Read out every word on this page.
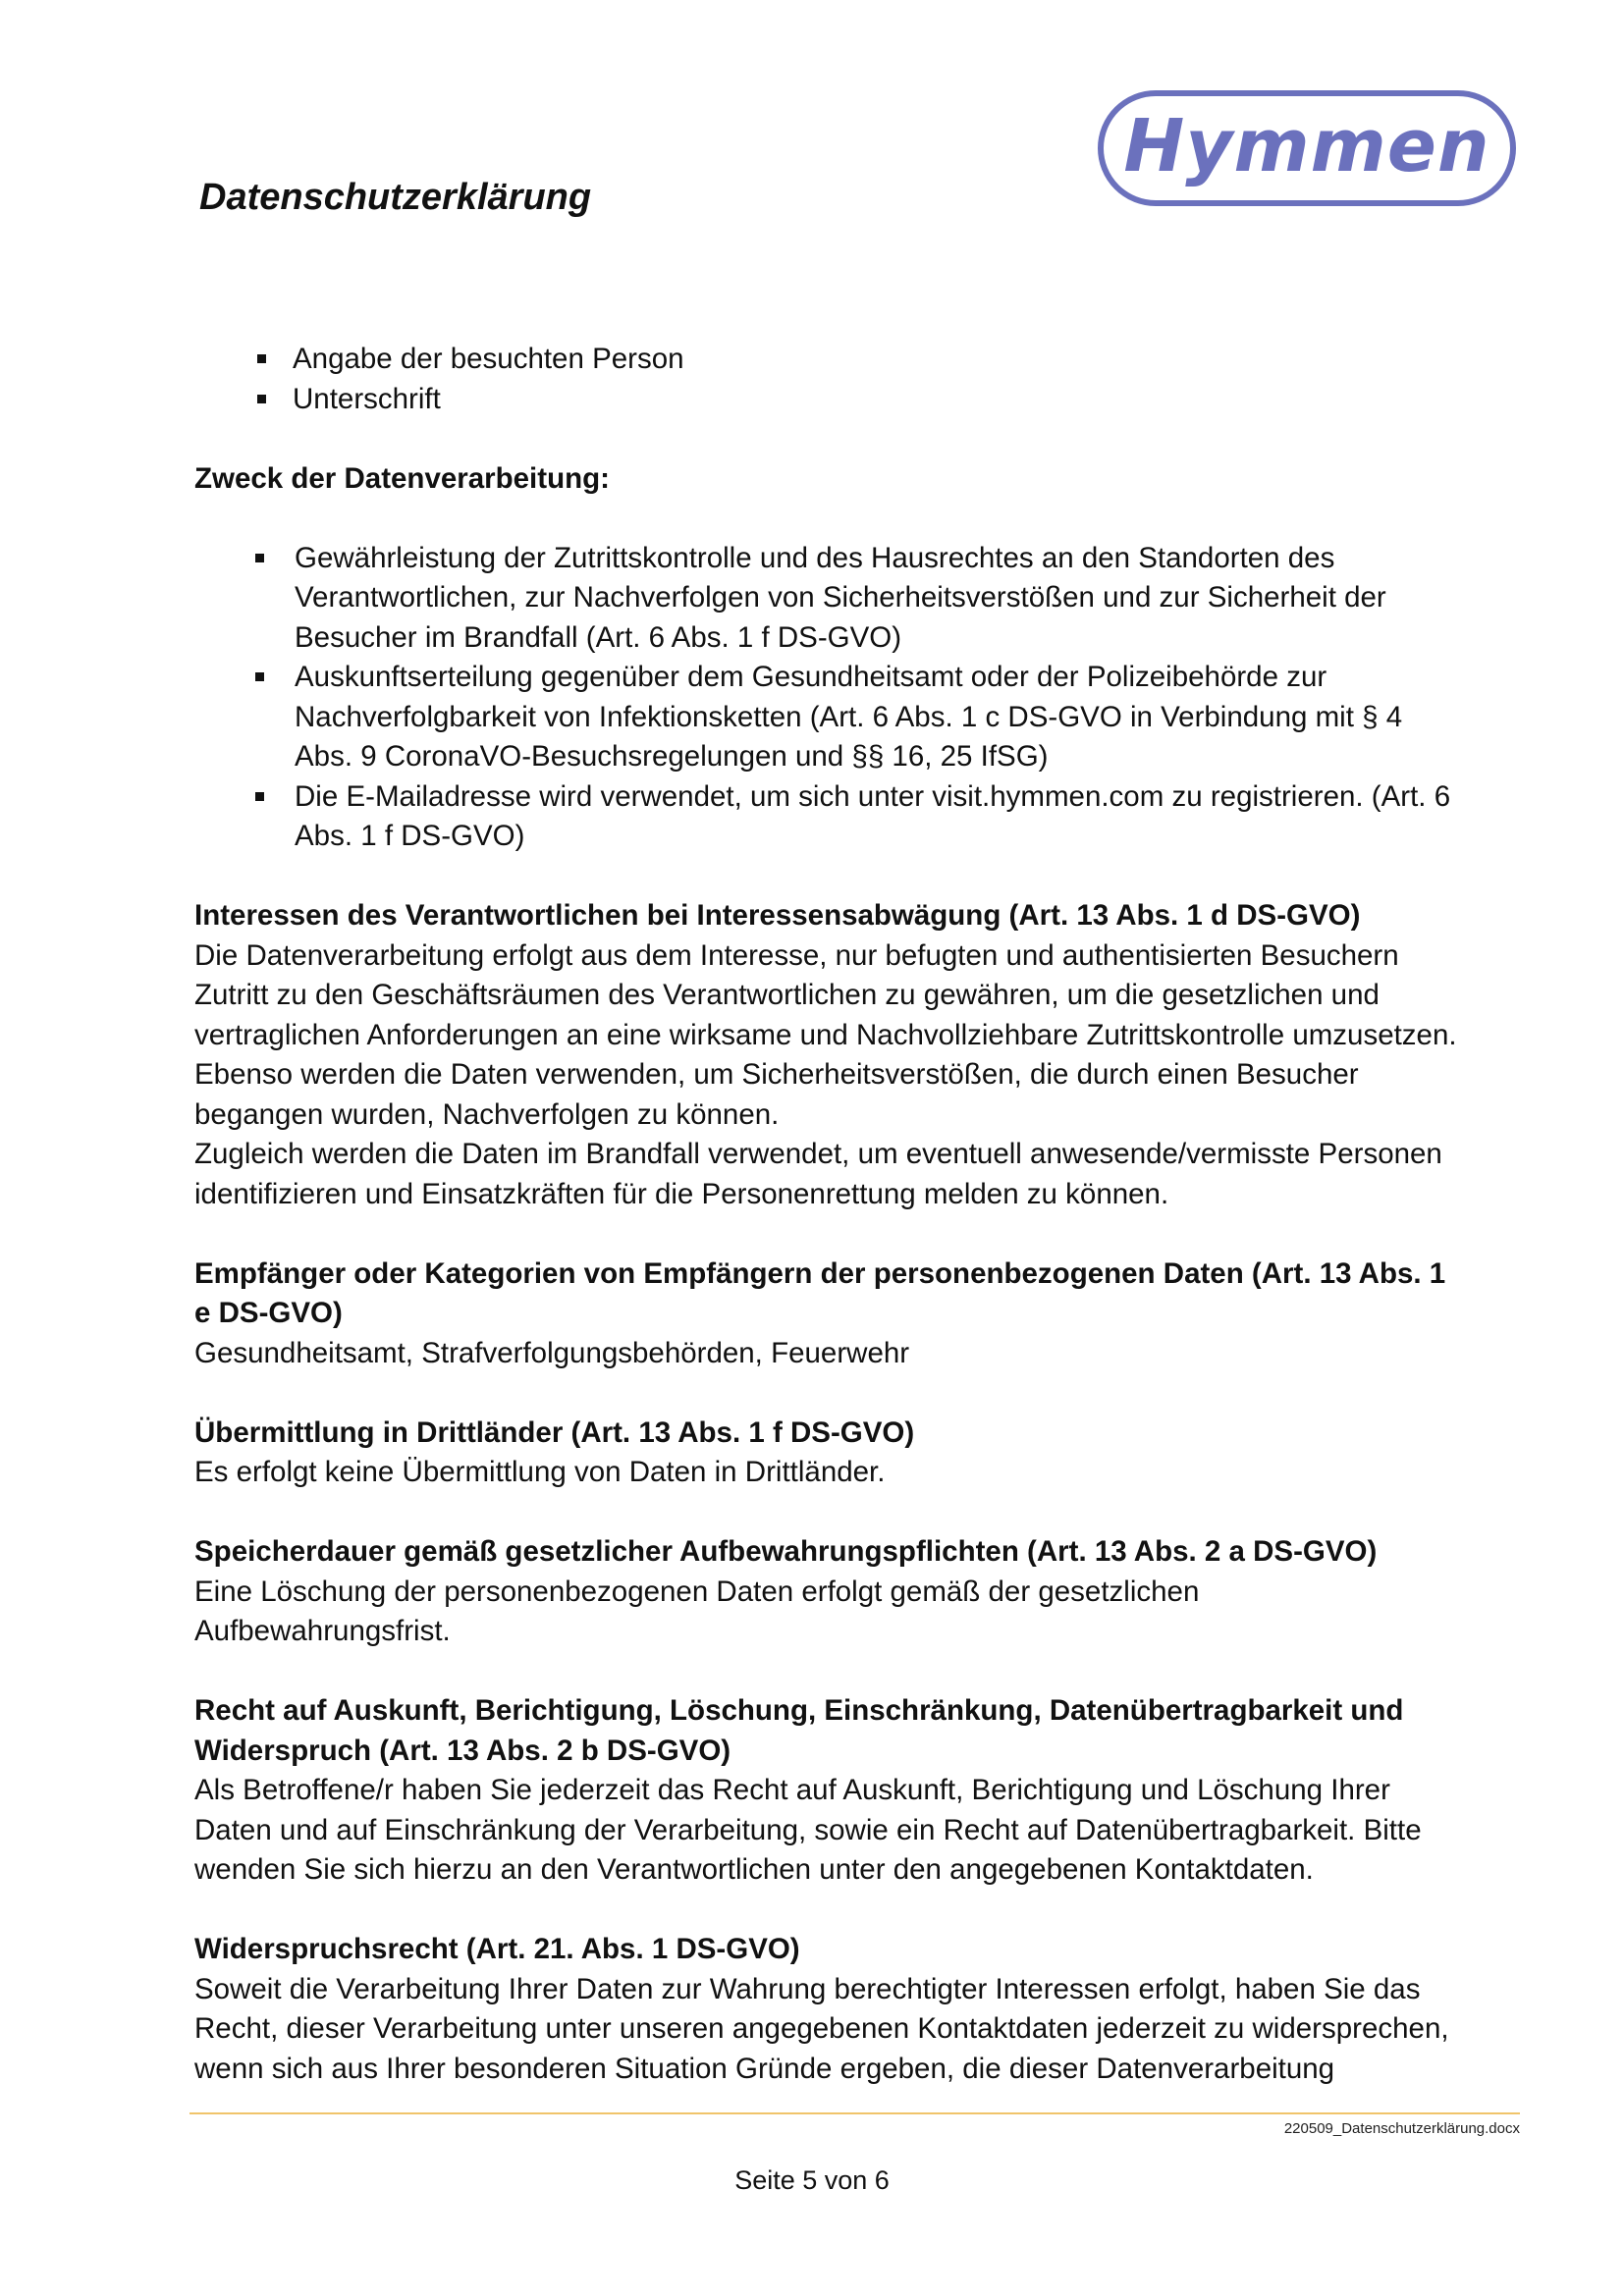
Datenschutzerklärung
Hymmen
Angabe der besuchten Person
Unterschrift

Zweck der Datenverarbeitung:

Gewährleistung der Zutrittskontrolle und des Hausrechtes an den Standorten des
Verantwortlichen, zur Nachverfolgen von Sicherheitsverstößen und zur Sicherheit der
Besucher im Brandfall (Art. 6 Abs. 1 f DS-GVO)
Auskunftserteilung gegenüber dem Gesundheitsamt oder der Polizeibehörde zur
Nachverfolgbarkeit von Infektionsketten (Art. 6 Abs. 1 c DS-GVO in Verbindung mit § 4
Abs. 9 CoronaVO-Besuchsregelungen und §§ 16, 25 IfSG)
Die E-Mailadresse wird verwendet, um sich unter visit.hymmen.com zu registrieren. (Art. 6
Abs. 1 f DS-GVO)

Interessen des Verantwortlichen bei Interessensabwägung (Art. 13 Abs. 1 d DS-GVO)

Die Datenverarbeitung erfolgt aus dem Interesse, nur befugten und authentisierten Besuchern
Zutritt zu den Geschäftsräumen des Verantwortlichen zu gewähren, um die gesetzlichen und
vertraglichen Anforderungen an eine wirksame und Nachvollziehbare Zutrittskontrolle umzusetzen.
Ebenso werden die Daten verwenden, um Sicherheitsverstößen, die durch einen Besucher
begangen wurden, Nachverfolgen zu können.
Zugleich werden die Daten im Brandfall verwendet, um eventuell anwesende/vermisste Personen
identifizieren und Einsatzkräften für die Personenrettung melden zu können.

Empfänger oder Kategorien von Empfängern der personenbezogenen Daten (Art. 13 Abs. 1
e DS-GVO)

Gesundheitsamt, Strafverfolgungsbehörden, Feuerwehr

Übermittlung in Drittländer (Art. 13 Abs. 1 f DS-GVO)

Es erfolgt keine Übermittlung von Daten in Drittländer.

Speicherdauer gemäß gesetzlicher Aufbewahrungspflichten (Art. 13 Abs. 2 a DS-GVO)

Eine Löschung der personenbezogenen Daten erfolgt gemäß der gesetzlichen
Aufbewahrungsfrist.

Recht auf Auskunft, Berichtigung, Löschung, Einschränkung, Datenübertragbarkeit und
Widerspruch (Art. 13 Abs. 2 b DS-GVO)

Als Betroffene/r haben Sie jederzeit das Recht auf Auskunft, Berichtigung und Löschung Ihrer
Daten und auf Einschränkung der Verarbeitung, sowie ein Recht auf Datenübertragbarkeit. Bitte
wenden Sie sich hierzu an den Verantwortlichen unter den angegebenen Kontaktdaten.

Widerspruchsrecht (Art. 21. Abs. 1 DS-GVO)

Soweit die Verarbeitung Ihrer Daten zur Wahrung berechtigter Interessen erfolgt, haben Sie das
Recht, dieser Verarbeitung unter unseren angegebenen Kontaktdaten jederzeit zu widersprechen,
wenn sich aus Ihrer besonderen Situation Gründe ergeben, die dieser Datenverarbeitung

220509_Datenschutzerklärung.docx
Seite 5 von 6
